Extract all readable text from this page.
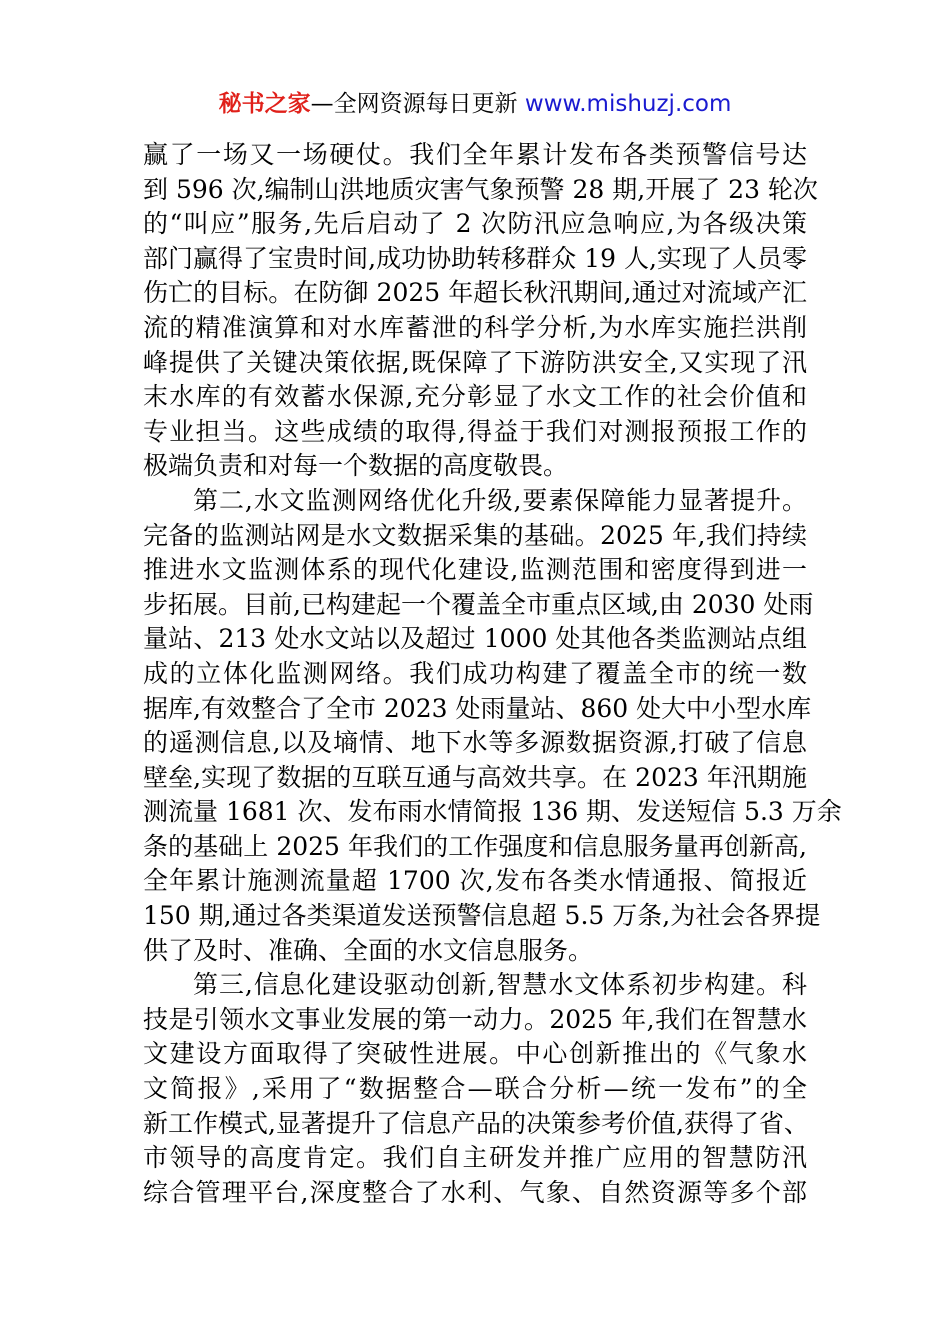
秘书之家—全网资源每日更新 www.mishuzj.com
赢了一场又一场硬仗。我们全年累计发布各类预警信号达
到 596 次,编制山洪地质灾害气象预警 28 期,开展了 23 轮次
的“叫应”服务,先后启动了 2 次防汛应急响应,为各级决策
部门赢得了宝贵时间,成功协助转移群众 19 人,实现了人员零
伤亡的目标。在防御 2025 年超长秋汛期间,通过对流域产汇
流的精准演算和对水库蓄泄的科学分析,为水库实施拦洪削
峰提供了关键决策依据,既保障了下游防洪安全,又实现了汛
末水库的有效蓄水保源,充分彰显了水文工作的社会价值和
专业担当。这些成绩的取得,得益于我们对测报预报工作的
极端负责和对每一个数据的高度敬畏。
第二,水文监测网络优化升级,要素保障能力显著提升。
完备的监测站网是水文数据采集的基础。2025 年,我们持续
推进水文监测体系的现代化建设,监测范围和密度得到进一
步拓展。目前,已构建起一个覆盖全市重点区域,由 2030 处雨
量站、213 处水文站以及超过 1000 处其他各类监测站点组
成的立体化监测网络。我们成功构建了覆盖全市的统一数
据库,有效整合了全市 2023 处雨量站、860 处大中小型水库
的遥测信息,以及墒情、地下水等多源数据资源,打破了信息
壁垒,实现了数据的互联互通与高效共享。在 2023 年汛期施
测流量 1681 次、发布雨水情简报 136 期、发送短信 5.3 万余
条的基础上 2025 年我们的工作强度和信息服务量再创新高,
全年累计施测流量超 1700 次,发布各类水情通报、简报近
150 期,通过各类渠道发送预警信息超 5.5 万条,为社会各界提
供了及时、准确、全面的水文信息服务。
第三,信息化建设驱动创新,智慧水文体系初步构建。科
技是引领水文事业发展的第一动力。2025 年,我们在智慧水
文建设方面取得了突破性进展。中心创新推出的《气象水
文简报》,采用了“数据整合—联合分析—统一发布”的全
新工作模式,显著提升了信息产品的决策参考价值,获得了省、
市领导的高度肯定。我们自主研发并推广应用的智慧防汛
综合管理平台,深度整合了水利、气象、自然资源等多个部
